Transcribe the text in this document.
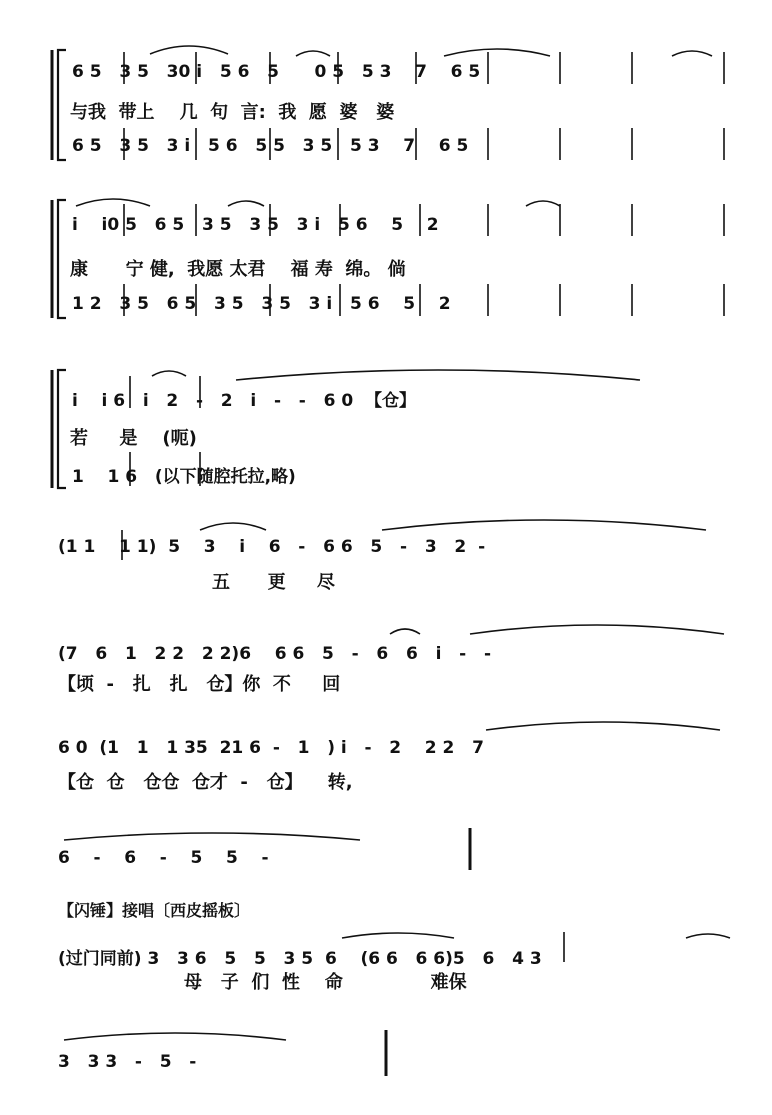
6 5   3 5   30 i   5 6   5      0 5   5 3    7    6 5
与我  带上    几  句  言:  我  愿  婆   婆
6 5   3 5   3 i   5 6   5 5   3 5   5 3    7    6 5
i    i0 5   6 5   3 5   3 5   3 i   5 6    5    2
康      宁 健,  我愿 太君    福 寿  绵。 倘
1 2   3 5   6 5   3 5   3 5   3 i   5 6    5    2
i    i 6   i   2   -   2   i   -   -   6 0  【仓】
若     是    (呃)
1    1 6   (以下随腔托拉,略)
(1 1    1 1)  5    3    i    6   -   6 6   5   -   3   2  -
五      更     尽
(7   6   1   2 2   2 2)6    6 6   5   -   6   6   i   -   -
【顷  -   扎   扎   仓】你  不     回
6 0  (1   1   1 35  21 6  -   1   ) i   -   2    2 2   7
【仓  仓   仓仓  仓才  -   仓】    转,
6    -    6    -    5    5    -
【闪锤】接唱〔西皮摇板〕
(过门同前) 3   3 6   5   5   3 5  6    (6 6   6 6)5   6   4 3
母   子  们  性    命              难保
3   3 3   -   5   -
